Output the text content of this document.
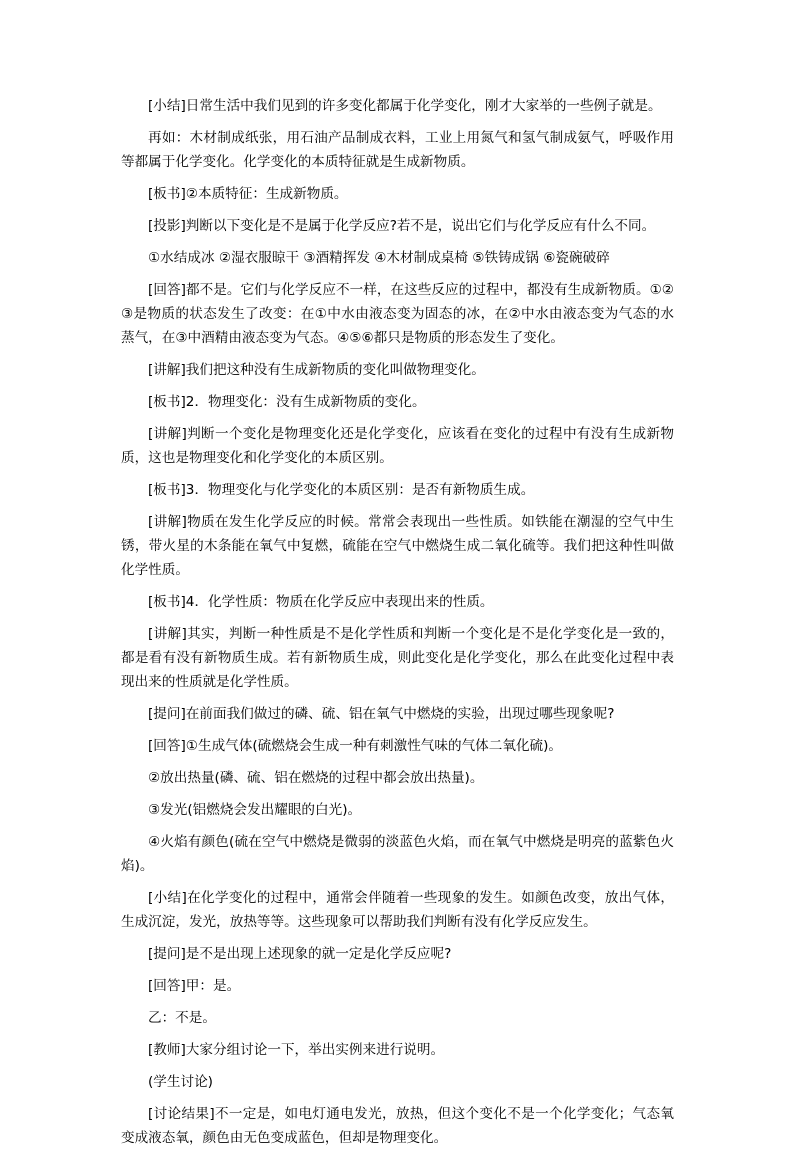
[小结]日常生活中我们见到的许多变化都属于化学变化，刚才大家举的一些例子就是。

再如：木材制成纸张，用石油产品制成衣料，工业上用氮气和氢气制成氨气，呼吸作用等都属于化学变化。化学变化的本质特征就是生成新物质。

[板书]②本质特征：生成新物质。

[投影]判断以下变化是不是属于化学反应?若不是，说出它们与化学反应有什么不同。

①水结成冰 ②湿衣服晾干 ③酒精挥发 ④木材制成桌椅 ⑤铁铸成锅 ⑥瓷碗破碎

[回答]都不是。它们与化学反应不一样，在这些反应的过程中，都没有生成新物质。①②③是物质的状态发生了改变：在①中水由液态变为固态的冰，在②中水由液态变为气态的水蒸气，在③中酒精由液态变为气态。④⑤⑥都只是物质的形态发生了变化。

[讲解]我们把这种没有生成新物质的变化叫做物理变化。

[板书]2．物理变化：没有生成新物质的变化。

[讲解]判断一个变化是物理变化还是化学变化，应该看在变化的过程中有没有生成新物质，这也是物理变化和化学变化的本质区别。

[板书]3．物理变化与化学变化的本质区别：是否有新物质生成。

[讲解]物质在发生化学反应的时候。常常会表现出一些性质。如铁能在潮湿的空气中生锈，带火星的木条能在氧气中复燃，硫能在空气中燃烧生成二氧化硫等。我们把这种性叫做化学性质。

[板书]4．化学性质：物质在化学反应中表现出来的性质。

[讲解]其实，判断一种性质是不是化学性质和判断一个变化是不是化学变化是一致的，都是看有没有新物质生成。若有新物质生成，则此变化是化学变化，那么在此变化过程中表现出来的性质就是化学性质。

[提问]在前面我们做过的磷、硫、铝在氧气中燃烧的实验，出现过哪些现象呢?

[回答]①生成气体(硫燃烧会生成一种有刺激性气味的气体二氧化硫)。

②放出热量(磷、硫、铝在燃烧的过程中都会放出热量)。

③发光(铝燃烧会发出耀眼的白光)。

④火焰有颜色(硫在空气中燃烧是微弱的淡蓝色火焰，而在氧气中燃烧是明亮的蓝紫色火焰)。

[小结]在化学变化的过程中，通常会伴随着一些现象的发生。如颜色改变，放出气体，生成沉淀，发光，放热等等。这些现象可以帮助我们判断有没有化学反应发生。

[提问]是不是出现上述现象的就一定是化学反应呢?

[回答]甲：是。

乙：不是。

[教师]大家分组讨论一下，举出实例来进行说明。

(学生讨论)

[讨论结果]不一定是，如电灯通电发光，放热，但这个变化不是一个化学变化；气态氧变成液态氧，颜色由无色变成蓝色，但却是物理变化。
